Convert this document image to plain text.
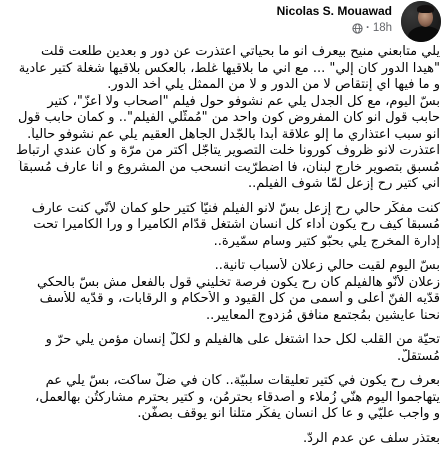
Nicolas S. Mouawad
18h
·
يلّي متابعني منيح بيعرف انو ما بحياتي اعتذرت عن دور و بعدين طلعت قلت
"هيدا الدور كان إلي" ... مع اني ما بلاقيها غلط، بالعكس بلاقيها شغلة كتير عادية
و ما فيها اي إنتقاص لا من الدور و لا من الممثل يلّي أخد الدور.
بسّ اليوم، مع كل الجدل يلّي عم نشوفو حول فيلم "اصحاب ولا أعزّ"، كتير
حابب قول انو كان المفروض كون واحد من "مُمثّلي الفيلم".. و كمان حابب قول
انو سبب اعتذاري ما إلو علاقة أبداً بالجّدل الجاهل العقيم يلّي عم نشوفو حالياً.
اعتذرت لانو ظروف كورونا خلّت التصوير يتأجّل أكتر من مرّة و كان عندي ارتباط
مُسبق بتصوير خارج لبنان، فا اضطرّيت انسحب من المشروع و انا عارف مُسبقاً
اني كتير رح إزعل لمّا شوف الفيلم..
كنت مفكّر حالي رح إزعل بسّ لانو الفيلم فنيّاً كتير حلو كمان لأنّي كنت عارف
مُسبقاً كيف رح يكون أداء كل انسان اشتغل قدّام الكاميرا و ورا الكاميرا تحت
إدارة المخرج يلّي بحبّو كتير وسام سمّيرة..
بسّ اليوم لقيت حالي زعلان لأسباب تانية..
زعلان لأنّو هالفيلم كان رح يكون فرصة تخلّيني قول بالفعل مش بسّ بالحكي
قدّيه الفنّ أعلى و أسمى من كل القيود و الأحكام و الرقابات، و قدّيه للأسف
نحنا عايشين بمُجتمع منافق مُزدوج المعايير..
تحيّة من القلب لكل حدا اشتغل على هالفيلم و لكلّ إنسان مؤمن يلّي حرّ و
مُستقلّ.
بعرف رح يكون في كتير تعليقات سلبيّة.. كان في ضلّ ساكت، بسّ يلّي عم
يتهاجموا اليوم هنّي زُملاء و أصدقاء بحترمُن، و كتير بحترم مشاركتُن بهالعمل،
و واجب عليّي و عا كل انسان يفكّر متلنا انو يوقف بصفّن.
بعتذر سلف عن عدم الردّ.
